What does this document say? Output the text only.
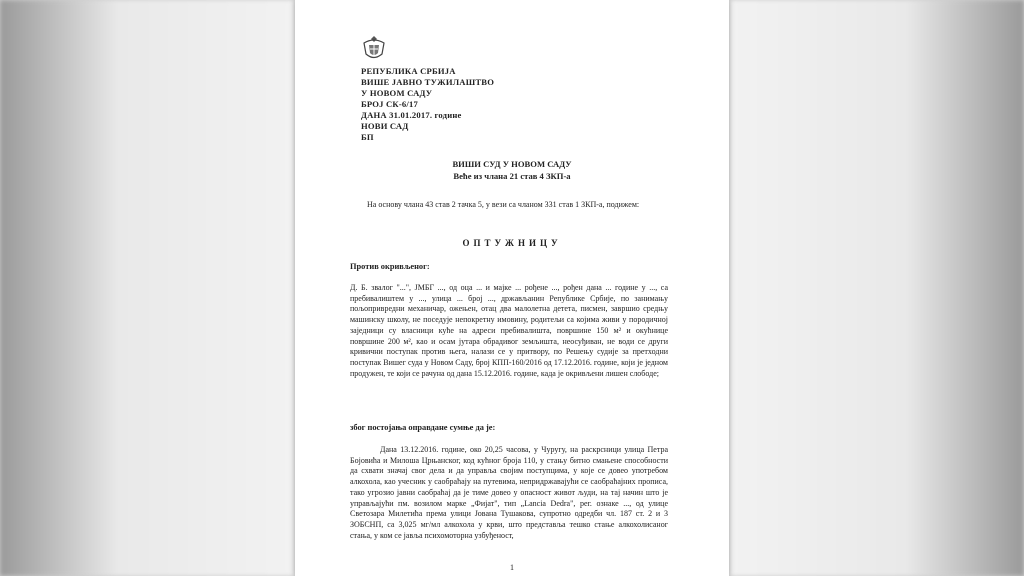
РЕПУБЛИКА СРБИЈА
ВИШЕ ЈАВНО ТУЖИЛАШТВО
У НОВОМ САДУ
БРОЈ СК-6/17
ДАНА 31.01.2017. године
НОВИ САД
БП
ВИШИ СУД У НОВОМ САДУ
Веће из члана 21 став 4 ЗКП-а
На основу члана 43 став 2 тачка 5, у вези са чланом 331 став 1 ЗКП-а, подижем:
ОПТУЖНИЦУ
Против окривљеног:
Д. Б. звалог "...", ЈМБГ ..., од оца ... и мајке ... рођене ..., рођен дана ... године у ..., са пребивалиштем у ..., улица ... број ..., држављанин Републике Србије, по занимању пољопривредни механичар, ожењен, отац два малолетна детета, писмен, завршио средњу машинску школу, не поседује непокретну имовину, родитељи са којима живи у породичној заједници су власници куће на адреси пребивалишта, површине 150 м² и окућнице површине 200 м², као и осам јутара обрадивог земљишта, неосуђиван, не води се други кривични поступак против њега, налази се у притвору, по Решењу судије за претходни поступак Вишег суда у Новом Саду, број КПП-160/2016 од 17.12.2016. године, који је једном продужен, те који се рачуна од дана 15.12.2016. године, када је окривљени лишен слободе;
због постојања оправдане сумње да је:
Дана 13.12.2016. године, око 20,25 часова, у Чуругу, на раскрсници улица Петра Бојовића и Милоша Црњанског, код кућног броја 110, у стању битно смањене способности да схвати значај свог дела и да управља својим поступцима, у које се довео употребом алкохола, као учесник у саобраћају на путевима, непридржавајући се саобраћајних прописа, тако угрозио јавни саобраћај да је тиме довео у опасност живот људи, на тај начин што је управљајући пм. возилом марке „Фијат", тип „Lancia Dedra", рег. ознаке ..., од улице Светозара Милетића према улици Јована Тушакова, супротно одредби чл. 187 ст. 2 и 3 ЗОБСНП, са 3,025 мг/мл алкохола у крви, што представља тешко стање алкохолисаног стања, у ком се јавља психомоторна узбуђеност,
1
